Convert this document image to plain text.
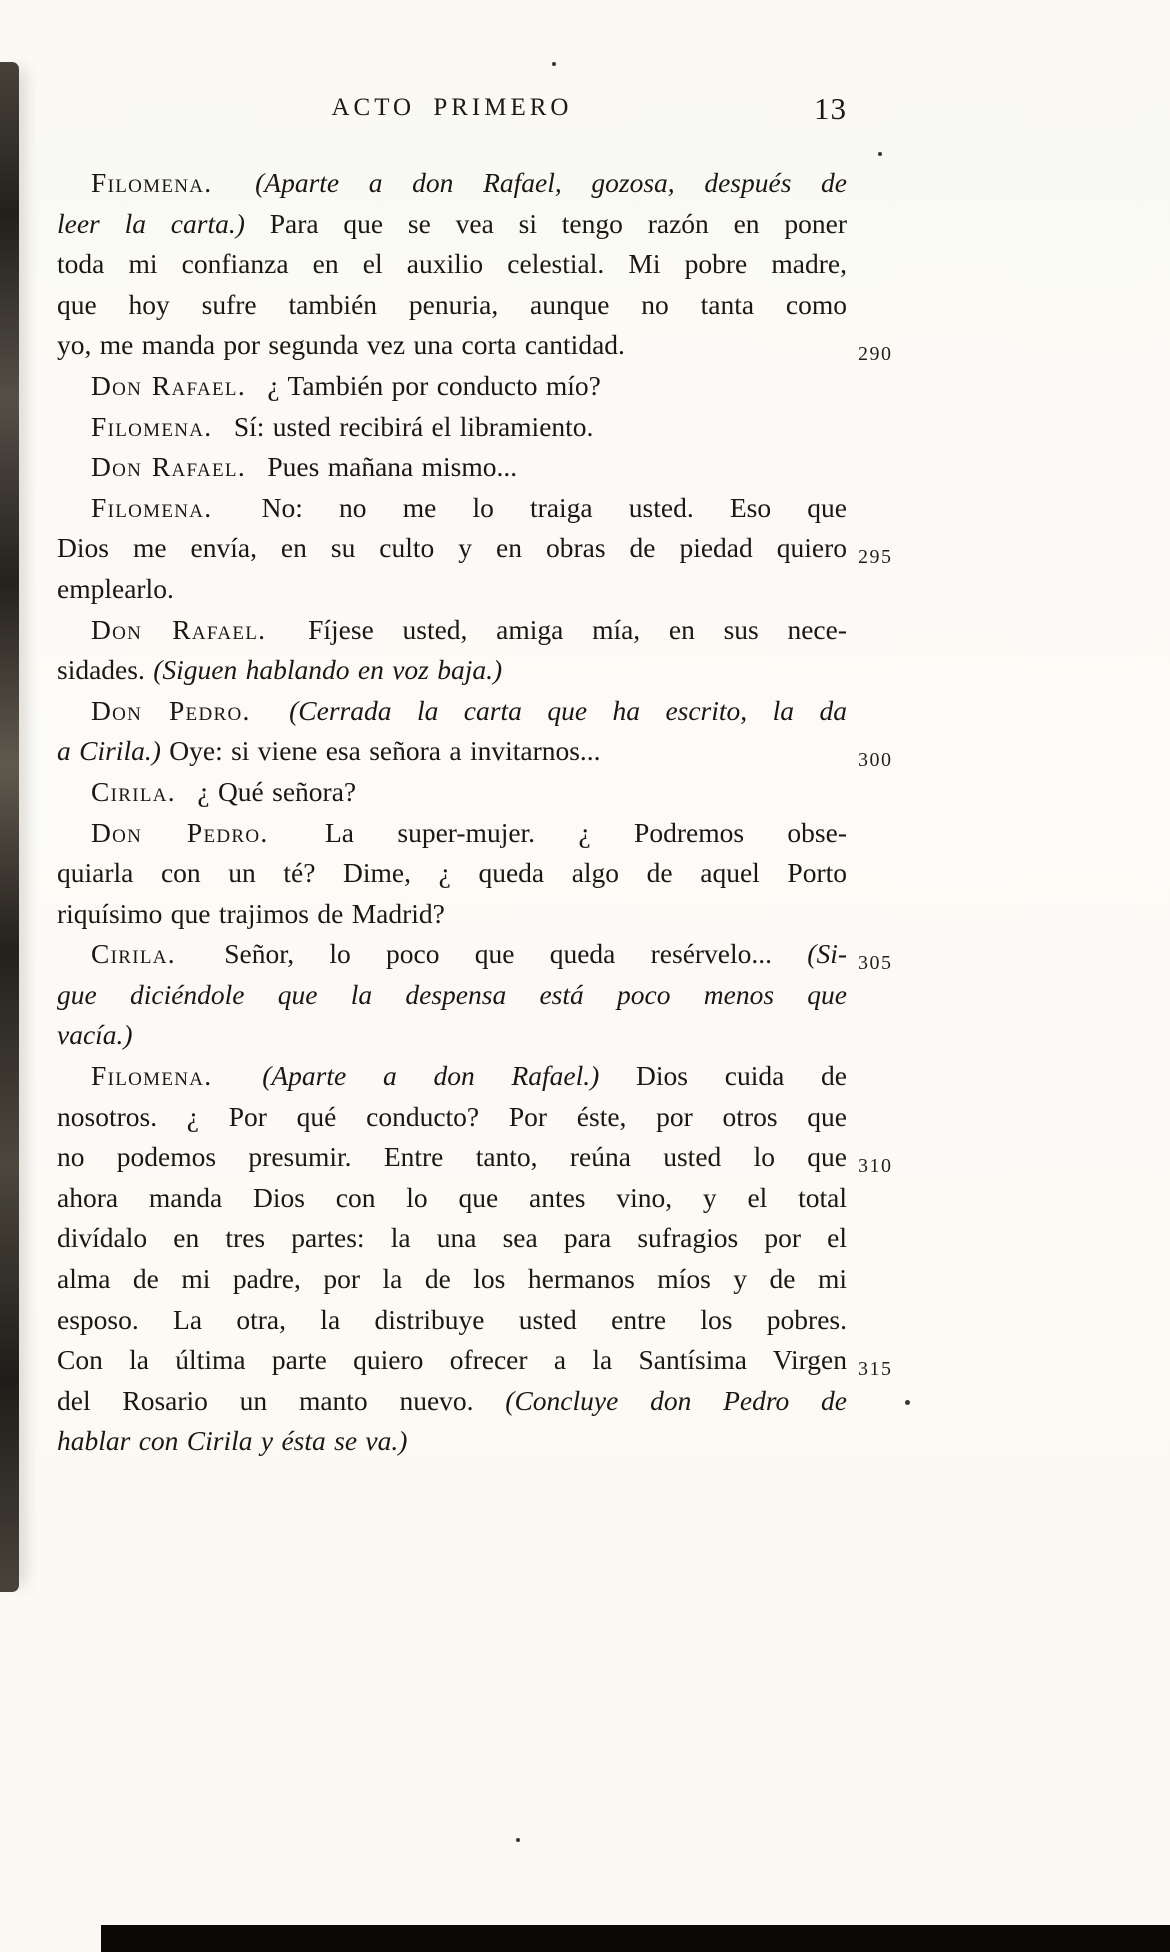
ACTO PRIMERO	13
Filomena. (Aparte a don Rafael, gozosa, después de
leer la carta.) Para que se vea si tengo razón en poner
toda mi confianza en el auxilio celestial. Mi pobre madre,
que hoy sufre también penuria, aunque no tanta como
yo, me manda por segunda vez una corta cantidad.	290
Don Rafael. ¿ También por conducto mío?
Filomena. Sí: usted recibirá el libramiento.
Don Rafael. Pues mañana mismo...
Filomena. No: no me lo traiga usted. Eso que
Dios me envía, en su culto y en obras de piedad quiero 295
emplearlo.
Don Rafael. Fíjese usted, amiga mía, en sus nece-
sidades. (Siguen hablando en voz baja.)
Don Pedro. (Cerrada la carta que ha escrito, la da
a Cirila.) Oye: si viene esa señora a invitarnos...	300
Cirila. ¿ Qué señora?
Don Pedro. La super-mujer. ¿ Podremos obse-
quiarla con un té? Dime, ¿ queda algo de aquel Porto
riquísimo que trajimos de Madrid?
Cirila. Señor, lo poco que queda resérvelo... (Si- 305
gue diciéndole que la despensa está poco menos que
vacía.)
Filomena. (Aparte a don Rafael.) Dios cuida de
nosotros. ¿ Por qué conducto? Por éste, por otros que
no podemos presumir. Entre tanto, reúna usted lo que 310
ahora manda Dios con lo que antes vino, y el total
divídalo en tres partes: la una sea para sufragios por el
alma de mi padre, por la de los hermanos míos y de mi
esposo. La otra, la distribuye usted entre los pobres.
Con la última parte quiero ofrecer a la Santísima Virgen 315
del Rosario un manto nuevo. (Concluye don Pedro de
hablar con Cirila y ésta se va.)
